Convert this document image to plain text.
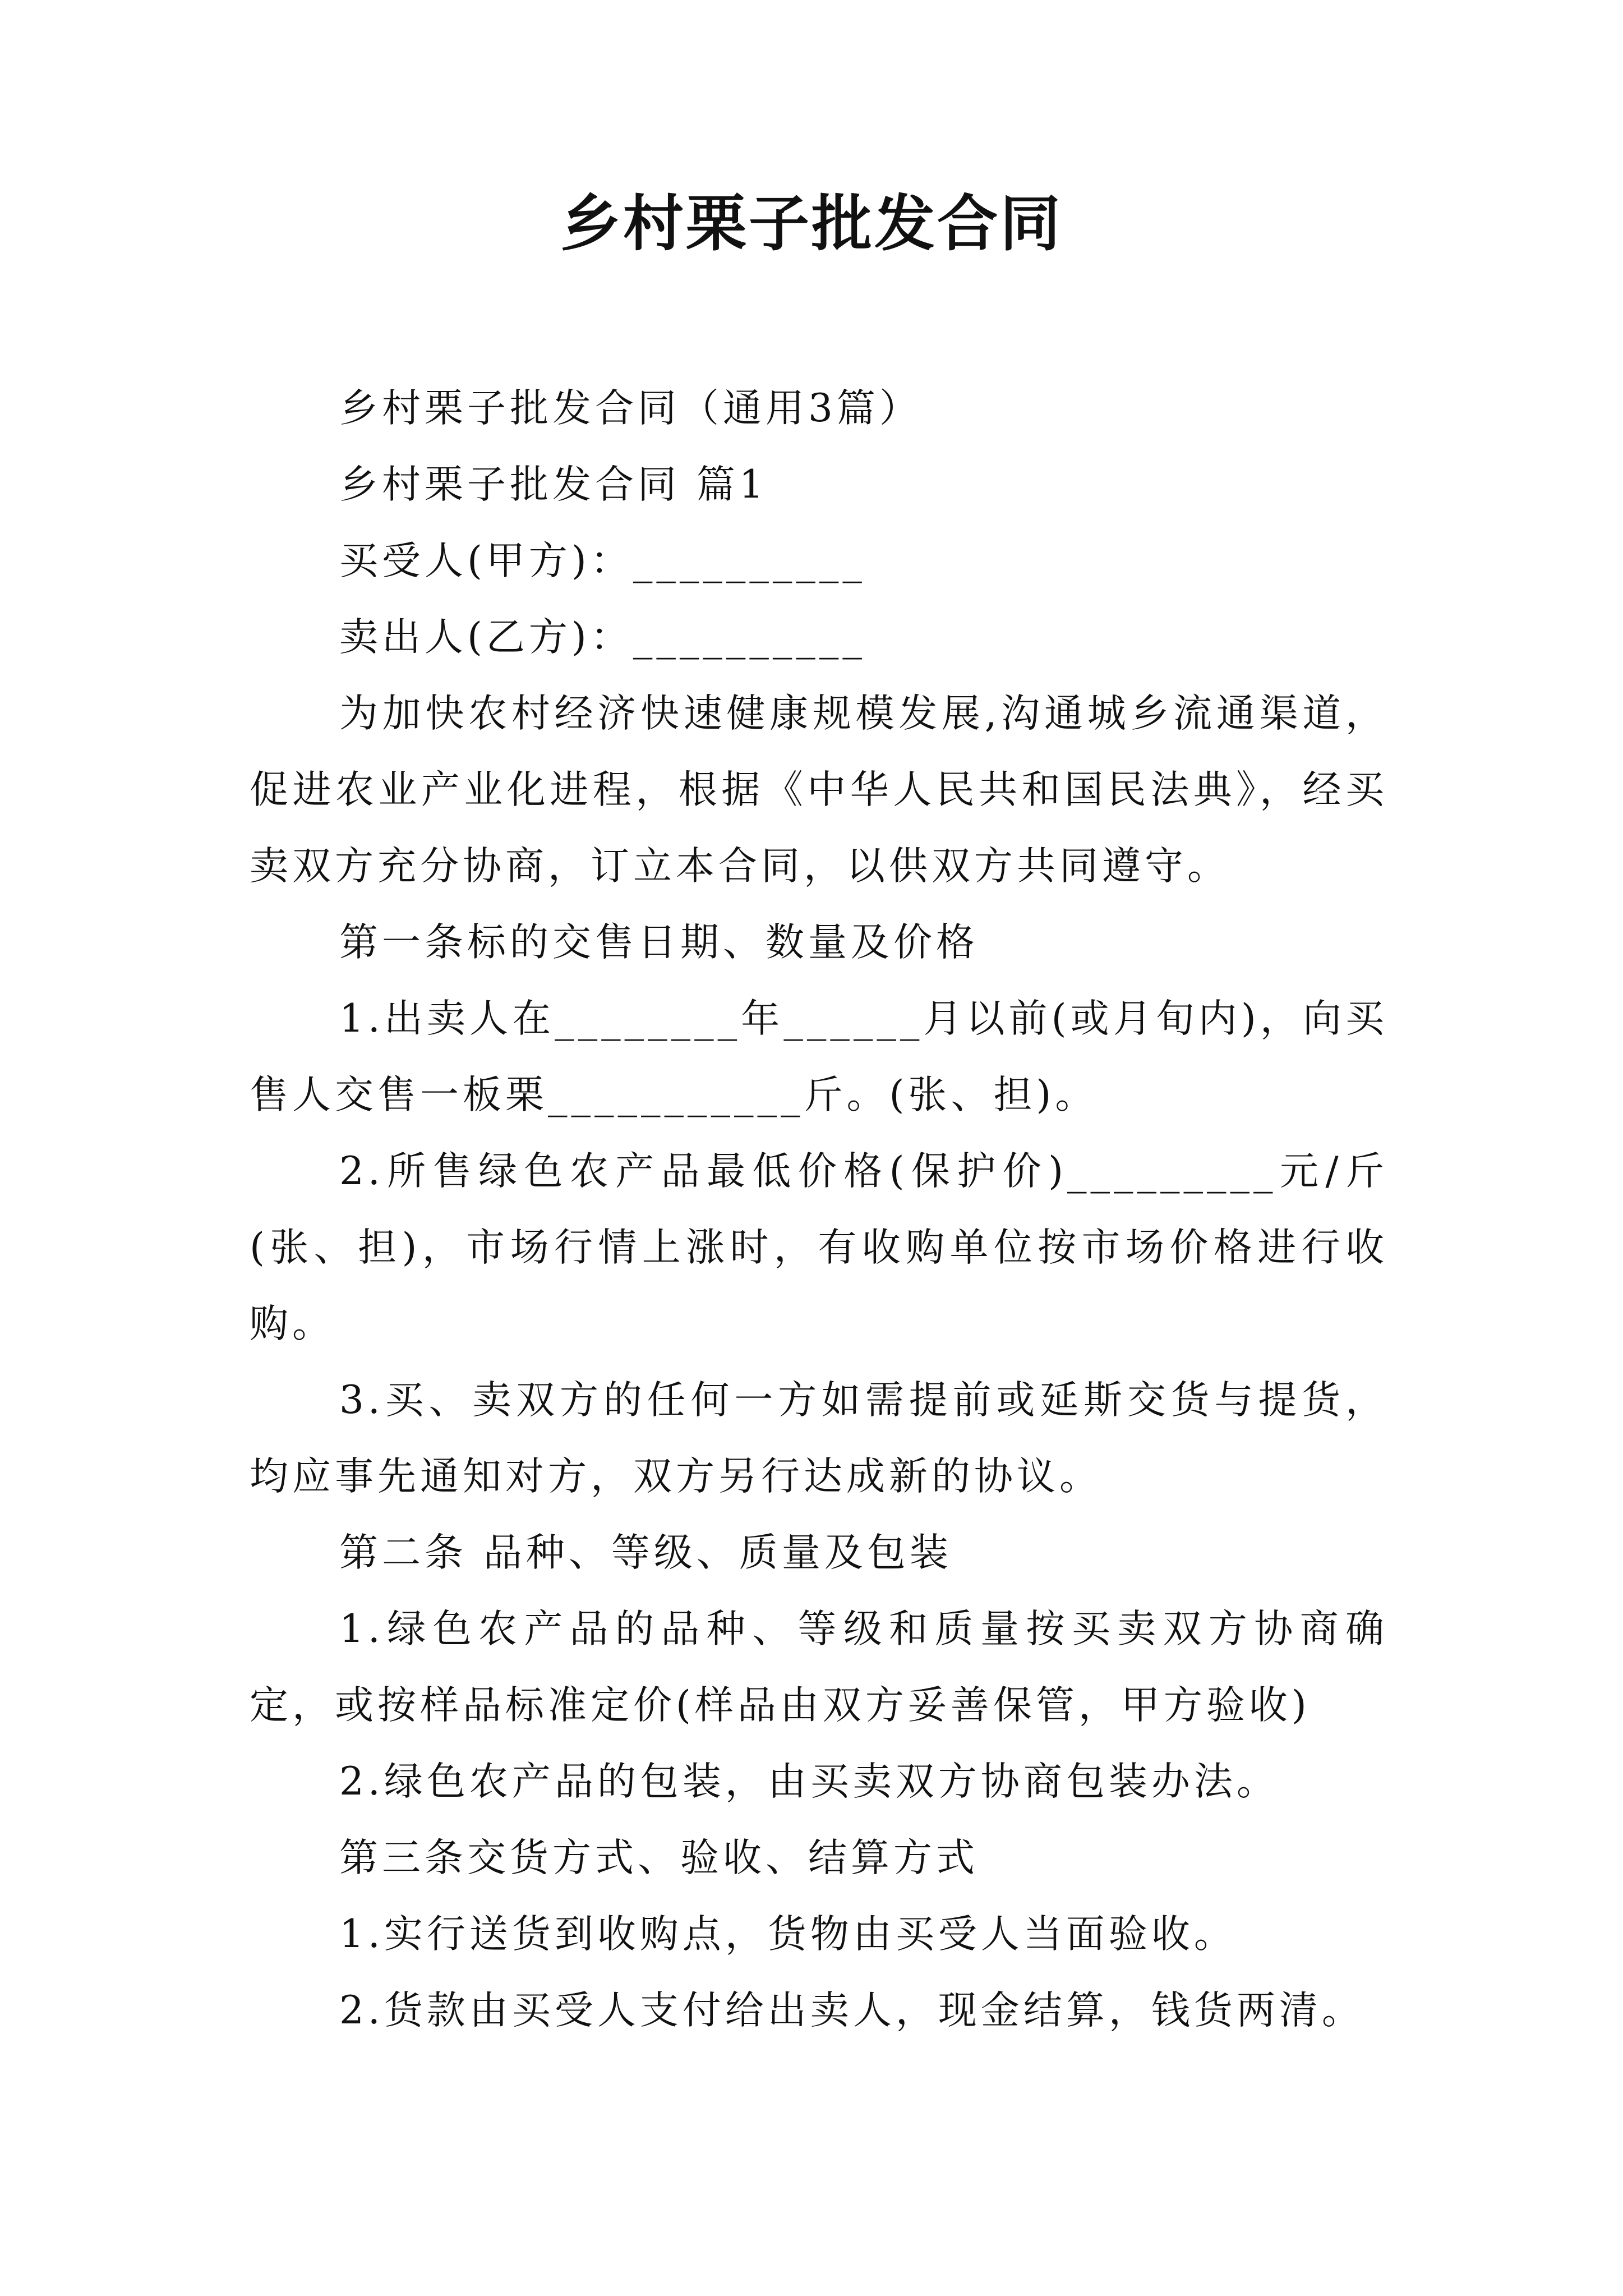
乡村栗子批发合同

乡村栗子批发合同（通用3篇）

乡村栗子批发合同 篇1

买受人(甲方)：__________

卖出人(乙方)：__________

为加快农村经济快速健康规模发展,沟通城乡流通渠道，促进农业产业化进程，根据《中华人民共和国民法典》，经买卖双方充分协商，订立本合同，以供双方共同遵守。

第一条标的交售日期、数量及价格

1.出卖人在________年______月以前(或月旬内)，向买售人交售一板栗___________斤。(张、担)。

2.所售绿色农产品最低价格(保护价)_________元/斤(张、担)，市场行情上涨时，有收购单位按市场价格进行收购。

3.买、卖双方的任何一方如需提前或延斯交货与提货，均应事先通知对方，双方另行达成新的协议。

第二条 品种、等级、质量及包装

1.绿色农产品的品种、等级和质量按买卖双方协商确定，或按样品标准定价(样品由双方妥善保管，甲方验收)

2.绿色农产品的包装，由买卖双方协商包装办法。

第三条交货方式、验收、结算方式

1.实行送货到收购点，货物由买受人当面验收。

2.货款由买受人支付给出卖人，现金结算，钱货两清。
